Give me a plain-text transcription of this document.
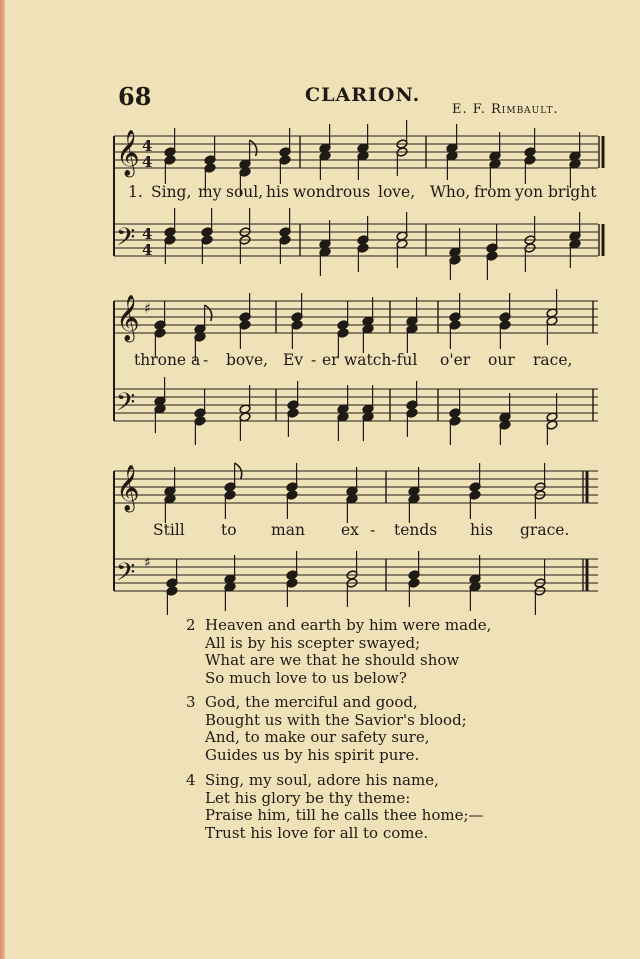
68	CLARION.
E. F. Rimbault.
𝄞 4
4
𝄢 4
4
1. Sing, my soul, his wondrous love, Who, from yon bright
𝄞
𝄢
♯
throne a - bove, Ev - er watch-ful o'er our race,
𝄞
𝄢 ♯
Still to man ex - tends his grace.
2 Heaven and earth by him were made,
All is by his scepter swayed;
What are we that he should show
So much love to us below?
3 God, the merciful and good,
Bought us with the Savior's blood;
And, to make our safety sure,
Guides us by his spirit pure.
4 Sing, my soul, adore his name,
Let his glory be thy theme:
Praise him, till he calls thee home;—
Trust his love for all to come.
